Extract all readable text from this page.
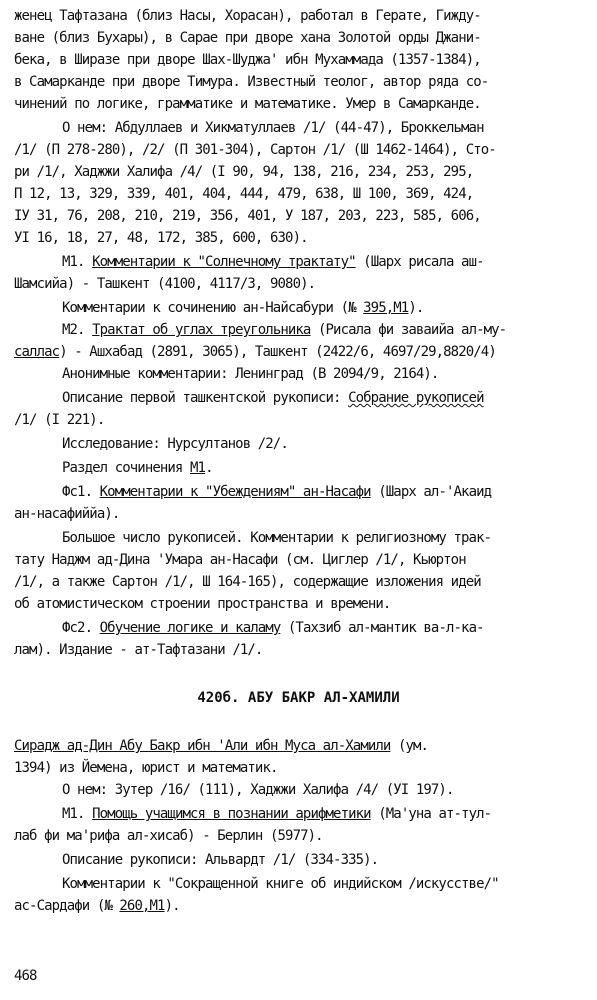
женец Тафтазана (близ Насы, Хорасан), работал в Герате, Гижду-
ване (близ Бухары), в Сарае при дворе хана Золотой орды Джани-
бека, в Ширазе при дворе Шах-Шуджа' ибн Мухаммада (1357-1384),
в Самарканде при дворе Тимура. Известный теолог, автор ряда со-
чинений по логике, грамматике и математике. Умер в Самарканде.
О нем: Абдуллаев и Хикматуллаев /1/ (44-47), Броккельман
/1/ (П 278-280), /2/ (П 301-304), Сартон /1/ (Ш 1462-1464), Сто-
ри /1/, Хаджжи Халифа /4/ (I 90, 94, 138, 216, 234, 253, 295,
П 12, 13, 329, 339, 401, 404, 444, 479, 638, Ш 100, 369, 424,
IУ 31, 76, 208, 210, 219, 356, 401, У 187, 203, 223, 585, 606,
УI 16, 18, 27, 48, 172, 385, 600, 630).
М1. Комментарии к "Солнечному трактату" (Шарх рисала аш-
Шамсийа) - Ташкент (4100, 4117/3, 9080).
Комментарии к сочинению ан-Найсабури (№ 395,М1).
М2. Трактат об углах треугольника (Рисала фи заваийа ал-му-
саллас) - Ашхабад (2891, 3065), Ташкент (2422/6, 4697/29,8820/4)
Анонимные комментарии: Ленинград (В 2094/9, 2164).
Описание первой ташкентской рукописи: Собрание рукописей
/1/ (I 221).
Исследование: Нурсултанов /2/.
Раздел сочинения М1.
Фс1. Комментарии к "Убеждениям" ан-Насафи (Шарх ал-'Акаид
ан-насафиййа).
Большое число рукописей. Комментарии к религиозному трак-
тату Наджм ад-Дина 'Умара ан-Насафи (см. Циглер /1/, Кьюртон
/1/, а также Сартон /1/, Ш 164-165), содержащие изложения идей
об атомистическом строении пространства и времени.
Фс2. Обучение логике и каламу (Тахзиб ал-мантик ва-л-ка-
лам). Издание - ат-Тафтазани /1/.
420б. АБУ БАКР АЛ-ХАМИЛИ
Сирадж ад-Дин Абу Бакр ибн 'Али ибн Муса ал-Хамили (ум.
1394) из Йемена, юрист и математик.
О нем: Зутер /16/ (111), Хаджжи Халифа /4/ (УI 197).
М1. Помощь учащимся в познании арифметики (Ма'уна ат-тул-
лаб фи ма'рифа ал-хисаб) - Берлин (5977).
Описание рукописи: Альвардт /1/ (334-335).
Комментарии к "Сокращенной книге об индийском /искусстве/"
ас-Сардафи (№ 260,М1).
468
